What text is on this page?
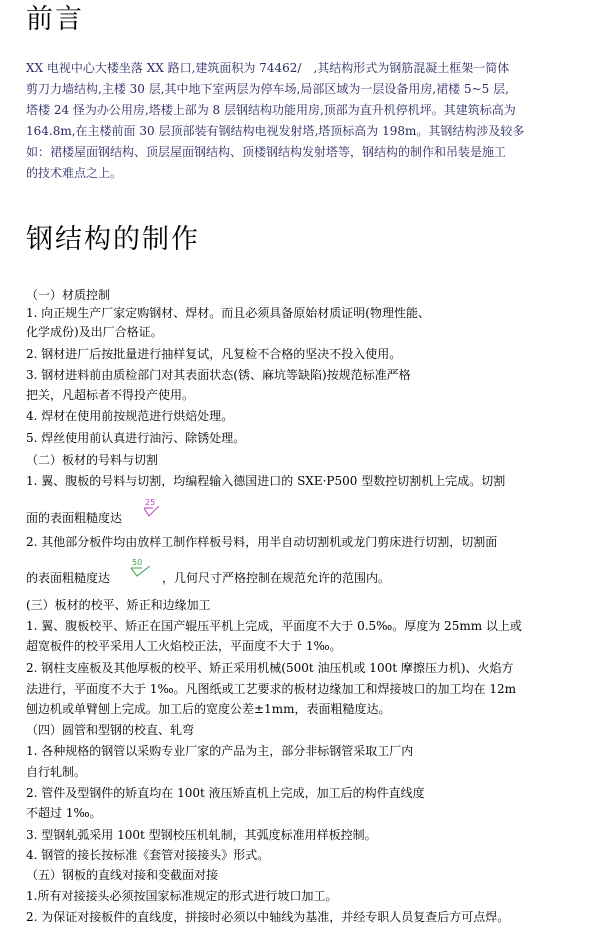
前言

XX 电视中心大楼坐落 XX 路口,建筑面积为 74462/　,其结构形式为钢筋混凝土框架一简体

剪刀力墙结构,主楼 30 层,其中地下室两层为停车场,局部区域为一层设备用房,裙楼 5~5 层,

塔楼 24 怪为办公用房,塔楼上部为 8 层钢结构功能用房,顶部为直升机停机坪。其建筑标高为

164.8m,在主楼前面 30 层顶部装有钢结构电视发射塔,塔顶标高为 198m。其钢结构涉及较多

如：裙楼屋面钢结构、顶层屋面钢结构、顶楼钢结构发射塔等，钢结构的制作和吊装是施工

的技术难点之上。

钢结构的制作

（一）材质控制

1. 向正规生产厂家定购钢材、焊材。而且必须具备原始材质证明(物理性能、

化学成份)及出厂合格证。

2. 钢材进厂后按批量进行抽样复试，凡复检不合格的坚决不投入使用。

3. 钢材进料前由质检部门对其表面状态(锈、麻坑等缺陷)按规范标准严格

把关，凡超标者不得投产使用。

4. 焊材在使用前按规范进行烘焙处理。

5. 焊丝使用前认真进行油污、除锈处理。

（二）板材的号料与切割

1. 翼、腹板的号料与切割，均编程输入德国进口的 SXE·P500 型数控切割机上完成。切割

面的表面粗糙度达

25

2. 其他部分板件均由放样工制作样板号料，用半自动切割机或龙门剪床进行切割，切割面

的表面粗糙度达

50

，几何尺寸严格控制在规范允许的范围内。

(三）板材的校平、矫正和边缘加工

1. 翼、腹板校平、矫正在国产辊压平机上完成，平面度不大于 0.5‰。厚度为 25mm 以上或

超宽板件的校平采用人工火焰校正法，平面度不大于 1‰。

2. 钢柱支座板及其他厚板的校平、矫正采用机械(500t 油压机或 100t 摩擦压力机)、火焰方

法进行，平面度不大于 1‰。凡图纸或工艺要求的板材边缘加工和焊接坡口的加工均在 12m

刨边机或单臂刨上完成。加工后的宽度公差±1mm，表面粗糙度达。

（四）圆管和型钢的校直、轧弯

1. 各种规格的钢管以采购专业厂家的产品为主，部分非标钢管采取工厂内

自行轧制。

2. 管件及型钢件的矫直均在 100t 液压矫直机上完成，加工后的构件直线度

不超过 1‰。

3. 型钢轧弧采用 100t 型钢校压机轧制，其弧度标准用样板控制。

4. 钢管的接长按标准《套管对接接头》形式。

（五）钢板的直线对接和变截面对接

1.所有对接接头必须按国家标准规定的形式进行坡口加工。

2. 为保证对接板件的直线度，拼接时必须以中轴线为基准，并经专职人员复查后方可点焊。
